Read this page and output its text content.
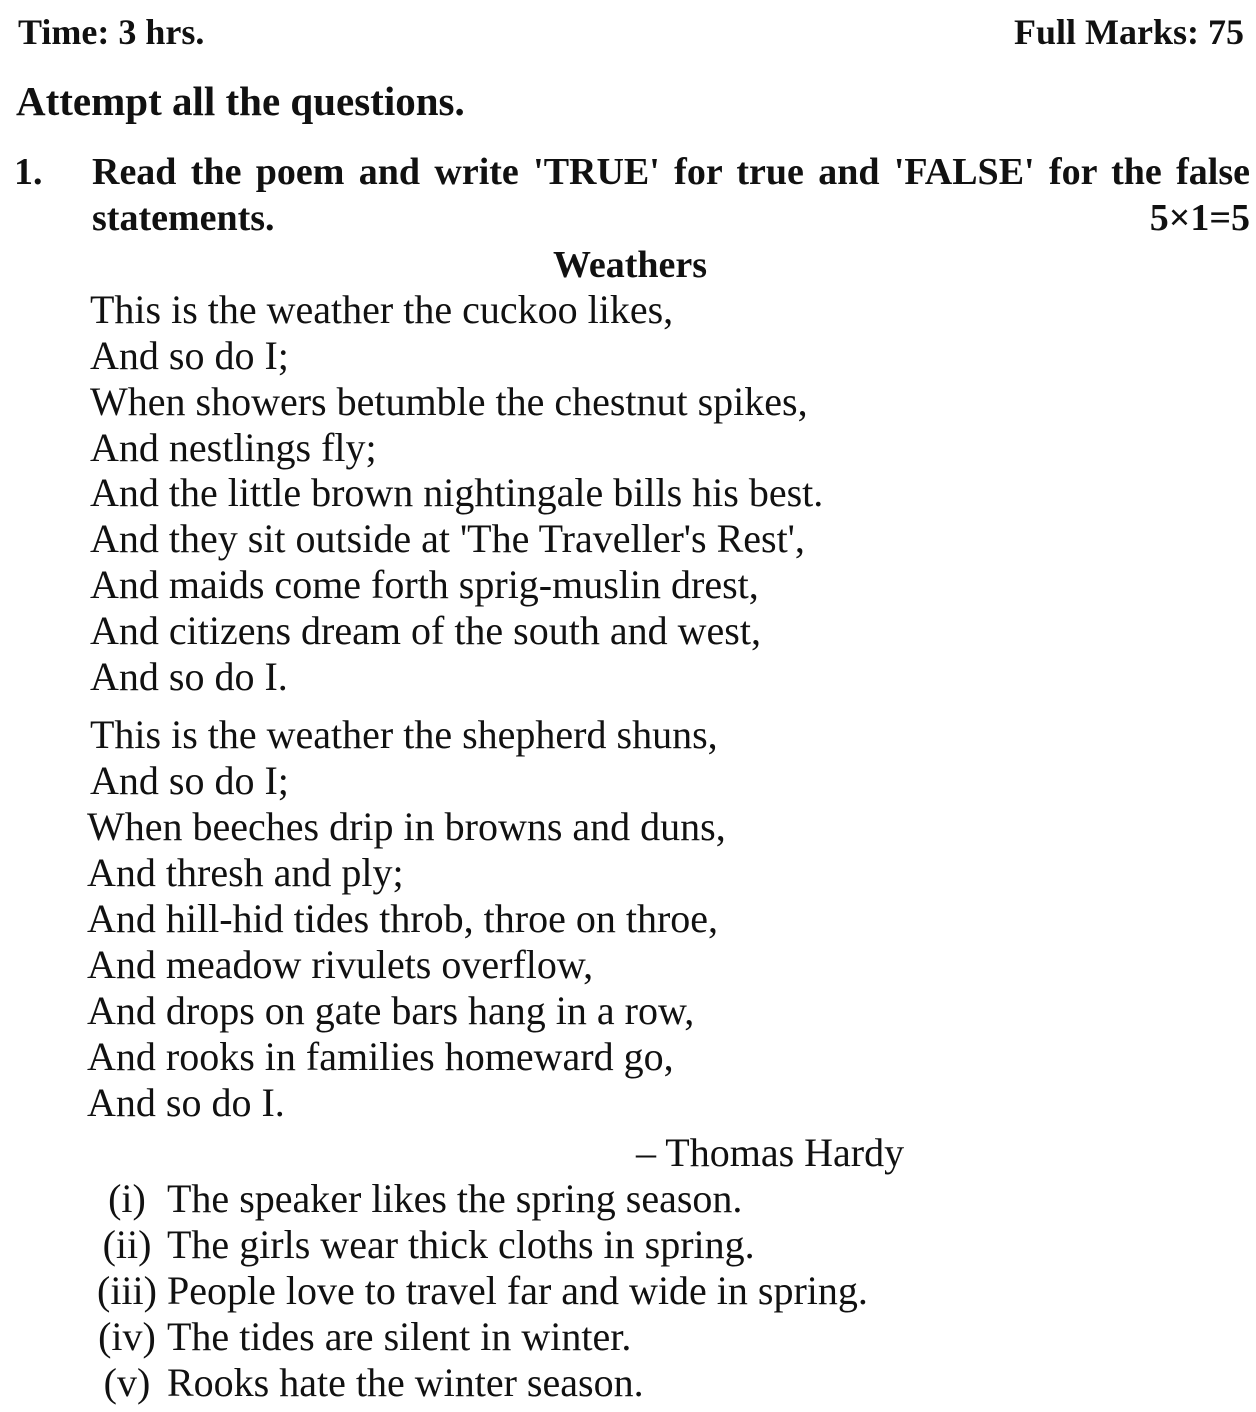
Time: 3 hrs.	Full Marks: 75
Attempt all the questions.
1. Read the poem and write 'TRUE' for true and 'FALSE' for the false
statements.	5×1=5
Weathers
This is the weather the cuckoo likes,
And so do I;
When showers betumble the chestnut spikes,
And nestlings fly;
And the little brown nightingale bills his best.
And they sit outside at 'The Traveller's Rest',
And maids come forth sprig-muslin drest,
And citizens dream of the south and west,
And so do I.
This is the weather the shepherd shuns,
And so do I;
When beeches drip in browns and duns,
And thresh and ply;
And hill-hid tides throb, throe on throe,
And meadow rivulets overflow,
And drops on gate bars hang in a row,
And rooks in families homeward go,
And so do I.
– Thomas Hardy
(i) The speaker likes the spring season.
(ii) The girls wear thick cloths in spring.
(iii) People love to travel far and wide in spring.
(iv) The tides are silent in winter.
(v) Rooks hate the winter season.
